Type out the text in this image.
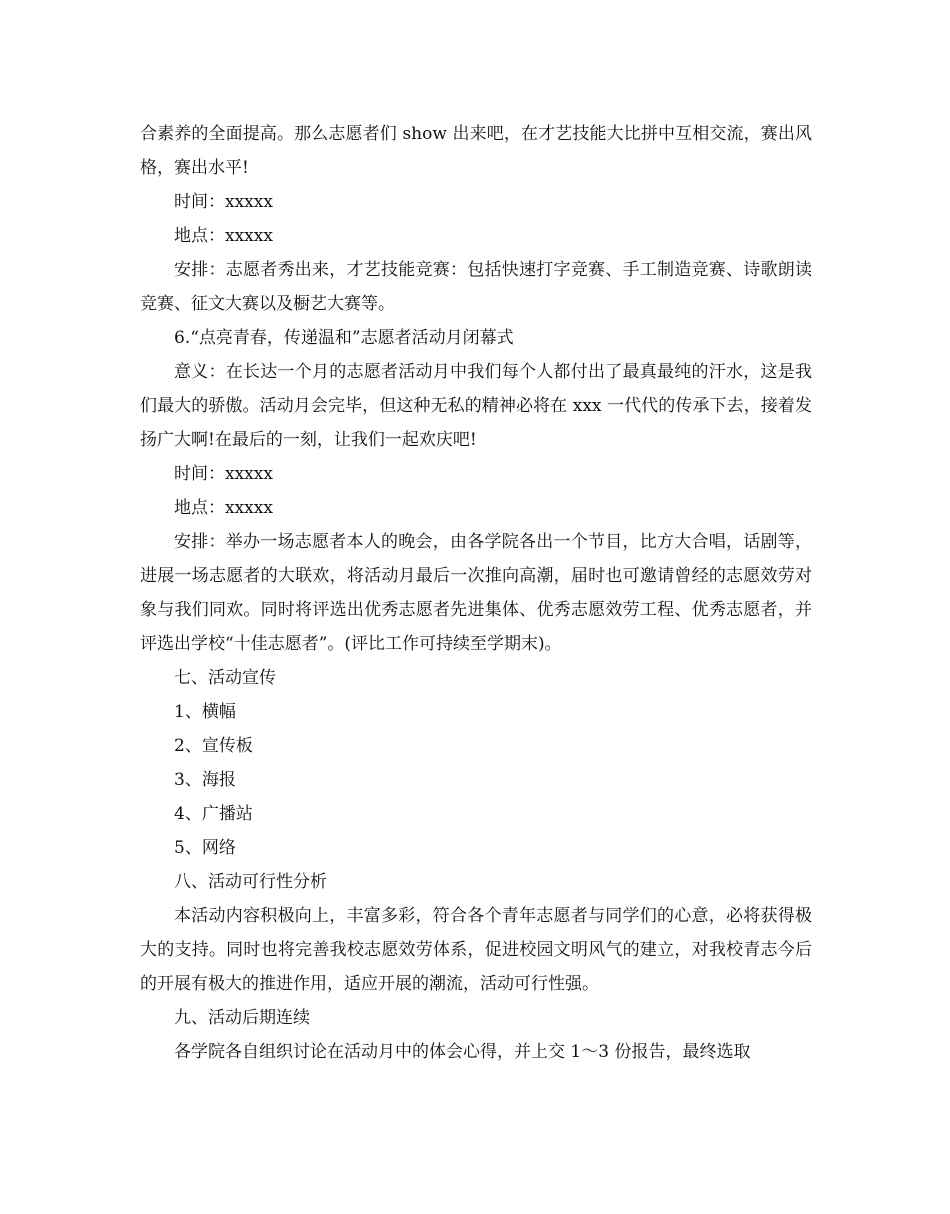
合素养的全面提高。那么志愿者们 show 出来吧，在才艺技能大比拼中互相交流，赛出风格，赛出水平!

时间：xxxxx

地点：xxxxx

安排：志愿者秀出来，才艺技能竞赛：包括快速打字竞赛、手工制造竞赛、诗歌朗读竞赛、征文大赛以及橱艺大赛等。

6.“点亮青春，传递温和”志愿者活动月闭幕式

意义：在长达一个月的志愿者活动月中我们每个人都付出了最真最纯的汗水，这是我们最大的骄傲。活动月会完毕，但这种无私的精神必将在 xxx 一代代的传承下去，接着发扬广大啊!在最后的一刻，让我们一起欢庆吧!

时间：xxxxx

地点：xxxxx

安排：举办一场志愿者本人的晚会，由各学院各出一个节目，比方大合唱，话剧等，进展一场志愿者的大联欢，将活动月最后一次推向高潮，届时也可邀请曾经的志愿效劳对象与我们同欢。同时将评选出优秀志愿者先进集体、优秀志愿效劳工程、优秀志愿者，并评选出学校“十佳志愿者”。(评比工作可持续至学期末)。

七、活动宣传

1、横幅

2、宣传板

3、海报

4、广播站

5、网络

八、活动可行性分析

本活动内容积极向上，丰富多彩，符合各个青年志愿者与同学们的心意，必将获得极大的支持。同时也将完善我校志愿效劳体系，促进校园文明风气的建立，对我校青志今后的开展有极大的推进作用，适应开展的潮流，活动可行性强。

九、活动后期连续

各学院各自组织讨论在活动月中的体会心得，并上交 1～3 份报告，最终选取
